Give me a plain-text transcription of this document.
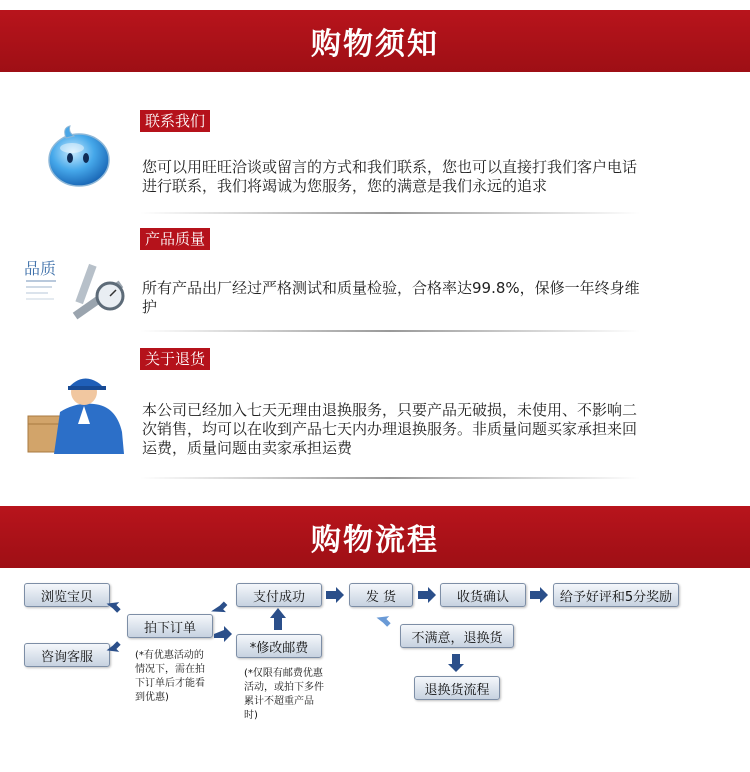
购物须知
联系我们
您可以用旺旺洽谈或留言的方式和我们联系，您也可以直接打我们客户电话进行联系，我们将竭诚为您服务，您的满意是我们永远的追求
品质
产品质量
所有产品出厂经过严格测试和质量检验，合格率达99.8%，保修一年终身维护
关于退货
本公司已经加入七天无理由退换服务，只要产品无破损，未使用、不影响二次销售，均可以在收到产品七天内办理退换服务。非质量问题买家承担来回运费，质量问题由卖家承担运费
购物流程
浏览宝贝
咨询客服
拍下订单
支付成功
*修改邮费
发 货	收货确认	给予好评和5分奖励
不满意，退换货
退换货流程
(*有优惠活动的情况下，需在拍下订单后才能看到优惠)
(*仅限有邮费优惠活动，或拍下多件累计不超重产品时)
